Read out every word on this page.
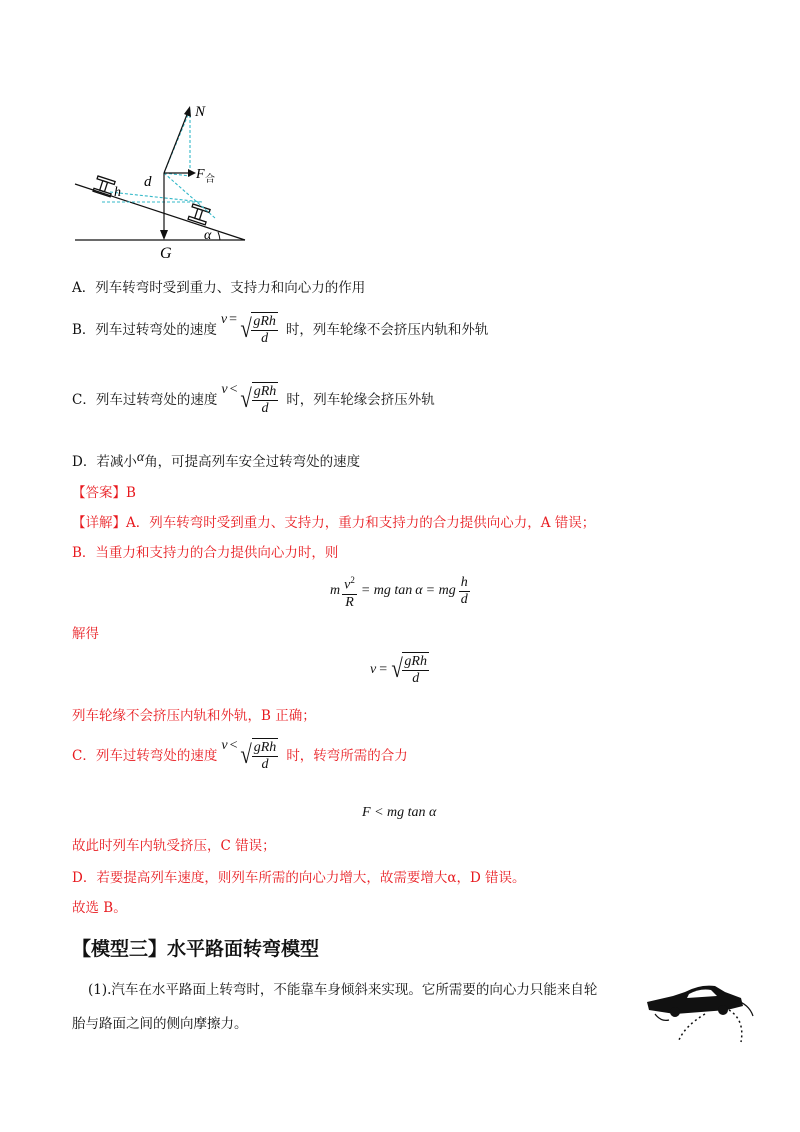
N
F 合
d
h
G
α
A．列车转弯时受到重力、支持力和向心力的作用
B．列车过转弯处的速度
v = √ $\frac{\text{gRh}}{d}$ 时，列车轮缘不会挤压内轨和外轨
C．列车过转弯处的速度
v < √ $\frac{\text{gRh}}{d}$ 时，列车轮缘会挤压外轨
D．若减小α角，可提高列车安全过转弯处的速度
【答案】B
【详解】A．列车转弯时受到重力、支持力，重力和支持力的合力提供向心力，A 错误；
B．当重力和支持力的合力提供向心力时，则
m $\frac{v^2}{R}$ = mg tan α = mg $\frac{h}{d}$
解得
v = √ $\frac{\text{gRh}}{d}$
列车轮缘不会挤压内轨和外轨，B 正确；
C．列车过转弯处的速度
v < √ $\frac{\text{gRh}}{d}$ 时，转弯所需的合力
F < mg tan α
故此时列车内轨受挤压，C 错误；
D．若要提高列车速度，则列车所需的向心力增大，故需要增大α，D 错误。
故选 B。
【模型三】水平路面转弯模型
(1).汽车在水平路面上转弯时，不能靠车身倾斜来实现。它所需要的向心力只能来自轮
胎与路面之间的侧向摩擦力。
